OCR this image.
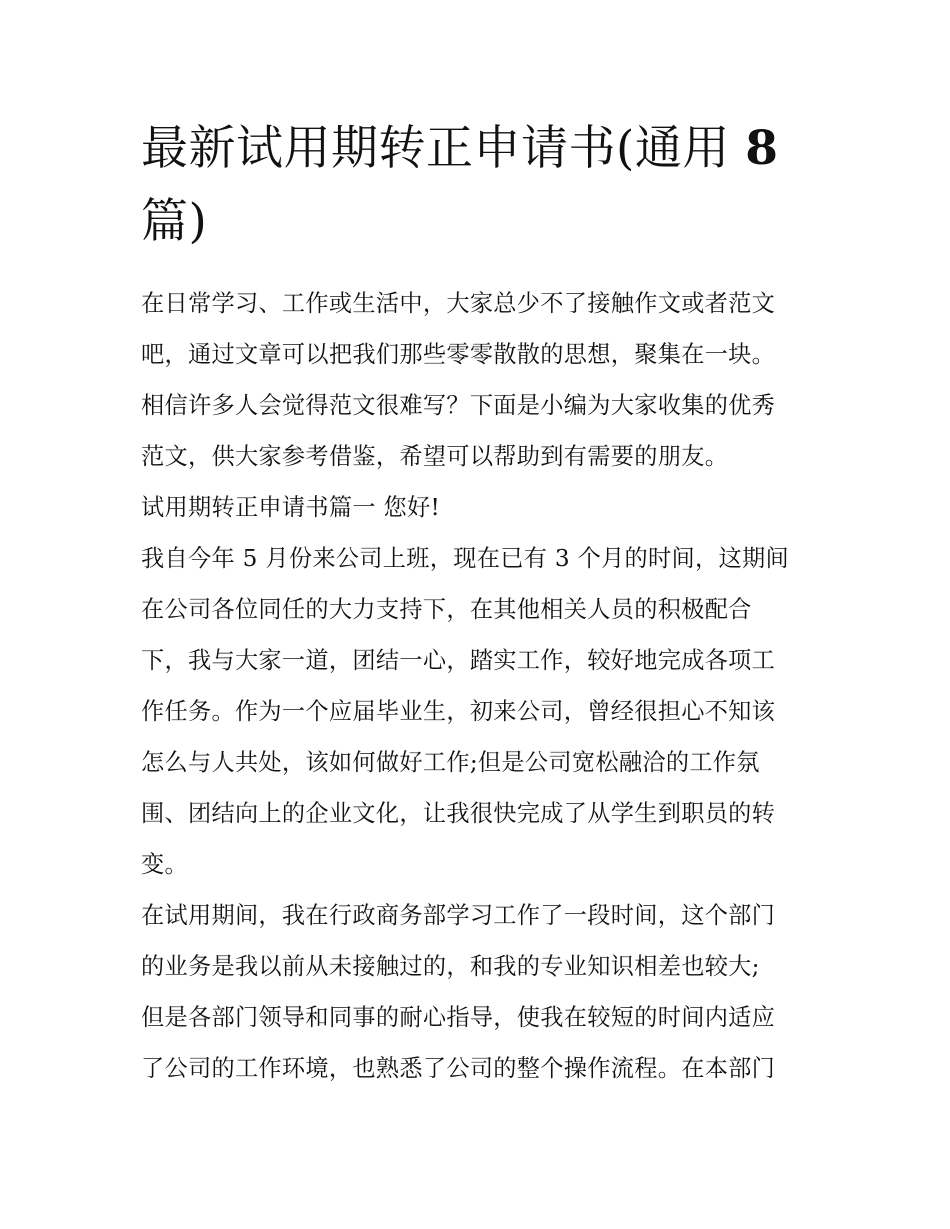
最新试用期转正申请书(通用 8
篇)
在日常学习、工作或生活中，大家总少不了接触作文或者范文
吧，通过文章可以把我们那些零零散散的思想，聚集在一块。
相信许多人会觉得范文很难写？下面是小编为大家收集的优秀
范文，供大家参考借鉴，希望可以帮助到有需要的朋友。
试用期转正申请书篇一 您好!
我自今年 5 月份来公司上班，现在已有 3 个月的时间，这期间
在公司各位同任的大力支持下，在其他相关人员的积极配合
下，我与大家一道，团结一心，踏实工作，较好地完成各项工
作任务。作为一个应届毕业生，初来公司，曾经很担心不知该
怎么与人共处，该如何做好工作;但是公司宽松融洽的工作氛
围、团结向上的企业文化，让我很快完成了从学生到职员的转
变。
在试用期间，我在行政商务部学习工作了一段时间，这个部门
的业务是我以前从未接触过的，和我的专业知识相差也较大;
但是各部门领导和同事的耐心指导，使我在较短的时间内适应
了公司的工作环境，也熟悉了公司的整个操作流程。在本部门
